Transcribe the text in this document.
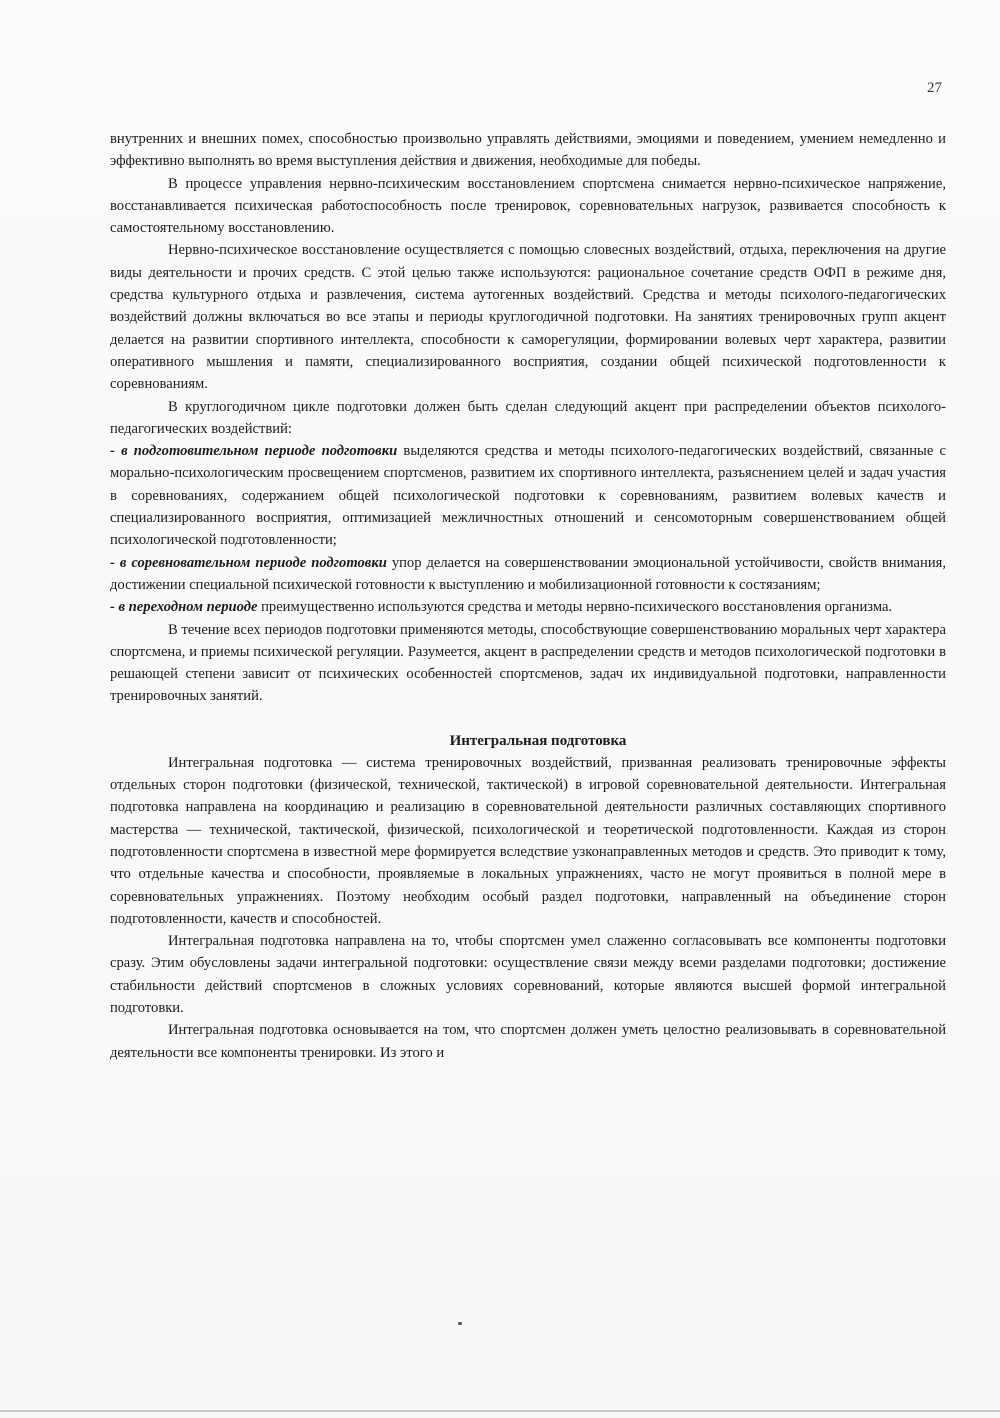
27

внутренних и внешних помех, способностью произвольно управлять действиями, эмоциями и поведением, умением немедленно и эффективно выполнять во время выступления действия и движения, необходимые для победы.

В процессе управления нервно-психическим восстановлением спортсмена снимается нервно-психическое напряжение, восстанавливается психическая работоспособность после тренировок, соревновательных нагрузок, развивается способность к самостоятельному восстановлению.

Нервно-психическое восстановление осуществляется с помощью словесных воздействий, отдыха, переключения на другие виды деятельности и прочих средств. С этой целью также используются: рациональное сочетание средств ОФП в режиме дня, средства культурного отдыха и развлечения, система аутогенных воздействий. Средства и методы психолого-педагогических воздействий должны включаться во все этапы и периоды круглогодичной подготовки. На занятиях тренировочных групп акцент делается на развитии спортивного интеллекта, способности к саморегуляции, формировании волевых черт характера, развитии оперативного мышления и памяти, специализированного восприятия, создании общей психической подготовленности к соревнованиям.

В круглогодичном цикле подготовки должен быть сделан следующий акцент при распределении объектов психолого-педагогических воздействий:

- в подготовительном периоде подготовки выделяются средства и методы психолого-педагогических воздействий, связанные с морально-психологическим просвещением спортсменов, развитием их спортивного интеллекта, разъяснением целей и задач участия в соревнованиях, содержанием общей психологической подготовки к соревнованиям, развитием волевых качеств и специализированного восприятия, оптимизацией межличностных отношений и сенсомоторным совершенствованием общей психологической подготовленности;

- в соревновательном периоде подготовки упор делается на совершенствовании эмоциональной устойчивости, свойств внимания, достижении специальной психической готовности к выступлению и мобилизационной готовности к состязаниям;

- в переходном периоде преимущественно используются средства и методы нервно-психического восстановления организма.

В течение всех периодов подготовки применяются методы, способствующие совершенствованию моральных черт характера спортсмена, и приемы психической регуляции. Разумеется, акцент в распределении средств и методов психологической подготовки в решающей степени зависит от психических особенностей спортсменов, задач их индивидуальной подготовки, направленности тренировочных занятий.

Интегральная подготовка

Интегральная подготовка — система тренировочных воздействий, призванная реализовать тренировочные эффекты отдельных сторон подготовки (физической, технической, тактической) в игровой соревновательной деятельности. Интегральная подготовка направлена на координацию и реализацию в соревновательной деятельности различных составляющих спортивного мастерства — технической, тактической, физической, психологической и теоретической подготовленности. Каждая из сторон подготовленности спортсмена в известной мере формируется вследствие узконаправленных методов и средств. Это приводит к тому, что отдельные качества и способности, проявляемые в локальных упражнениях, часто не могут проявиться в полной мере в соревновательных упражнениях. Поэтому необходим особый раздел подготовки, направленный на объединение сторон подготовленности, качеств и способностей.

Интегральная подготовка направлена на то, чтобы спортсмен умел слаженно согласовывать все компоненты подготовки сразу. Этим обусловлены задачи интегральной подготовки: осуществление связи между всеми разделами подготовки; достижение стабильности действий спортсменов в сложных условиях соревнований, которые являются высшей формой интегральной подготовки.

Интегральная подготовка основывается на том, что спортсмен должен уметь целостно реализовывать в соревновательной деятельности все компоненты тренировки. Из этого и
